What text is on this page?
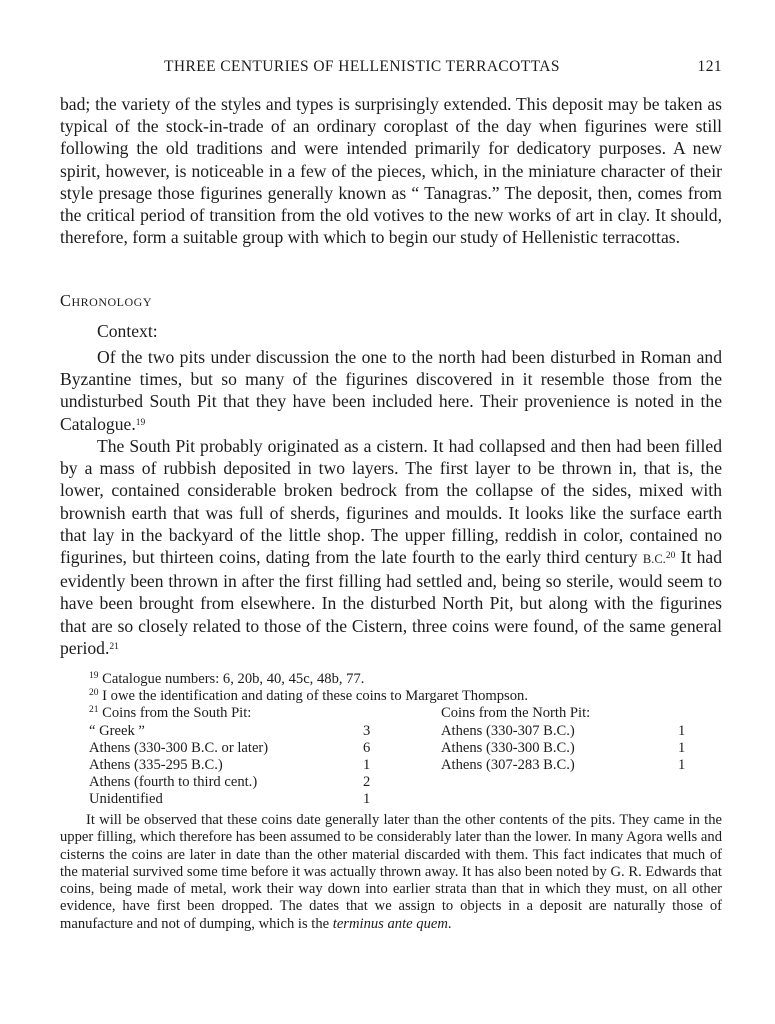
THREE CENTURIES OF HELLENISTIC TERRACOTTAS	121

bad; the variety of the styles and types is surprisingly extended. This deposit may be taken as typical of the stock-in-trade of an ordinary coroplast of the day when figurines were still following the old traditions and were intended primarily for dedicatory purposes. A new spirit, however, is noticeable in a few of the pieces, which, in the miniature character of their style presage those figurines generally known as “ Tanagras.” The deposit, then, comes from the critical period of transition from the old votives to the new works of art in clay. It should, therefore, form a suitable group with which to begin our study of Hellenistic terracottas.

Chronology
Context:

Of the two pits under discussion the one to the north had been disturbed in Roman and Byzantine times, but so many of the figurines discovered in it resemble those from the undisturbed South Pit that they have been included here. Their provenience is noted in the Catalogue.$^{19}$

The South Pit probably originated as a cistern. It had collapsed and then had been filled by a mass of rubbish deposited in two layers. The first layer to be thrown in, that is, the lower, contained considerable broken bedrock from the collapse of the sides, mixed with brownish earth that was full of sherds, figurines and moulds. It looks like the surface earth that lay in the backyard of the little shop. The upper filling, reddish in color, contained no figurines, but thirteen coins, dating from the late fourth to the early third century B.C.$^{20}$ It had evidently been thrown in after the first filling had settled and, being so sterile, would seem to have been brought from elsewhere. In the disturbed North Pit, but along with the figurines that are so closely related to those of the Cistern, three coins were found, of the same general period.$^{21}$

$^{19}$ Catalogue numbers: 6, 20b, 40, 45c, 48b, 77.
$^{20}$ I owe the identification and dating of these coins to Margaret Thompson.
$^{21}$ Coins from the South Pit:	Coins from the North Pit:
“ Greek ”	3
Athens (330-300 B.C. or later)	6
Athens (335-295 B.C.)	1
Athens (fourth to third cent.)	2
Unidentified	1
Athens (330-307 B.C.)	1
Athens (330-300 B.C.)	1
Athens (307-283 B.C.)	1

It will be observed that these coins date generally later than the other contents of the pits. They came in the upper filling, which therefore has been assumed to be considerably later than the lower. In many Agora wells and cisterns the coins are later in date than the other material discarded with them. This fact indicates that much of the material survived some time before it was actually thrown away. It has also been noted by G. R. Edwards that coins, being made of metal, work their way down into earlier strata than that in which they must, on all other evidence, have first been dropped. The dates that we assign to objects in a deposit are naturally those of manufacture and not of dumping, which is the terminus ante quem.
